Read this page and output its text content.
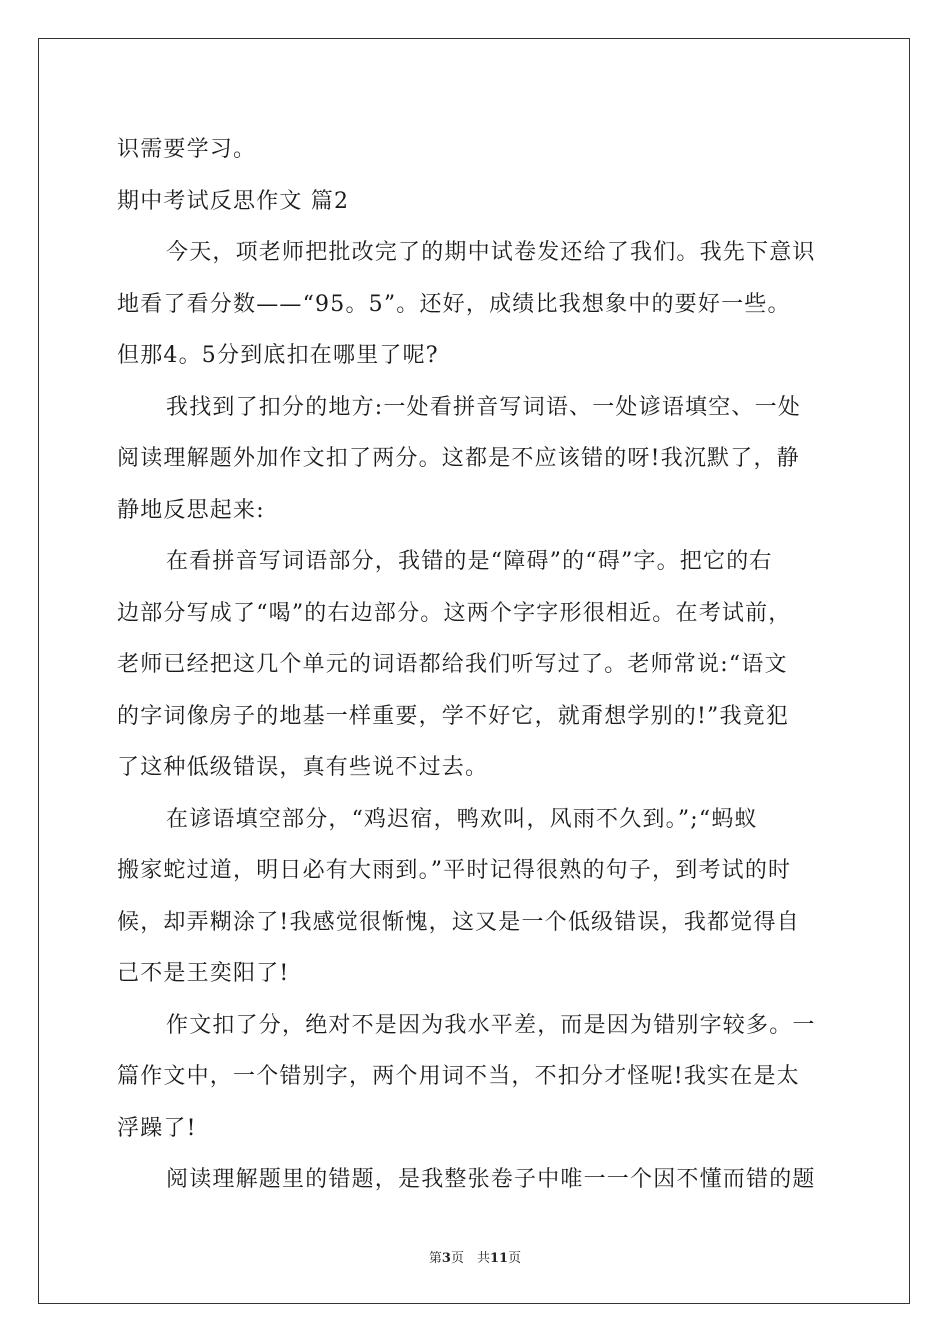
识需要学习。
期中考试反思作文 篇2
今天，项老师把批改完了的期中试卷发还给了我们。我先下意识
地看了看分数——“95。5”。还好，成绩比我想象中的要好一些。
但那4。5分到底扣在哪里了呢?
我找到了扣分的地方:一处看拼音写词语、一处谚语填空、一处
阅读理解题外加作文扣了两分。这都是不应该错的呀!我沉默了，静
静地反思起来:
在看拼音写词语部分，我错的是“障碍”的“碍”字。把它的右
边部分写成了“喝”的右边部分。这两个字字形很相近。在考试前，
老师已经把这几个单元的词语都给我们听写过了。老师常说:“语文
的字词像房子的地基一样重要，学不好它，就甭想学别的!”我竟犯
了这种低级错误，真有些说不过去。
在谚语填空部分，“鸡迟宿，鸭欢叫，风雨不久到。”;“蚂蚁
搬家蛇过道，明日必有大雨到。”平时记得很熟的句子，到考试的时
候，却弄糊涂了!我感觉很惭愧，这又是一个低级错误，我都觉得自
己不是王奕阳了!
作文扣了分，绝对不是因为我水平差，而是因为错别字较多。一
篇作文中，一个错别字，两个用词不当，不扣分才怪呢!我实在是太
浮躁了!
阅读理解题里的错题，是我整张卷子中唯一一个因不懂而错的题
第3页　共11页
